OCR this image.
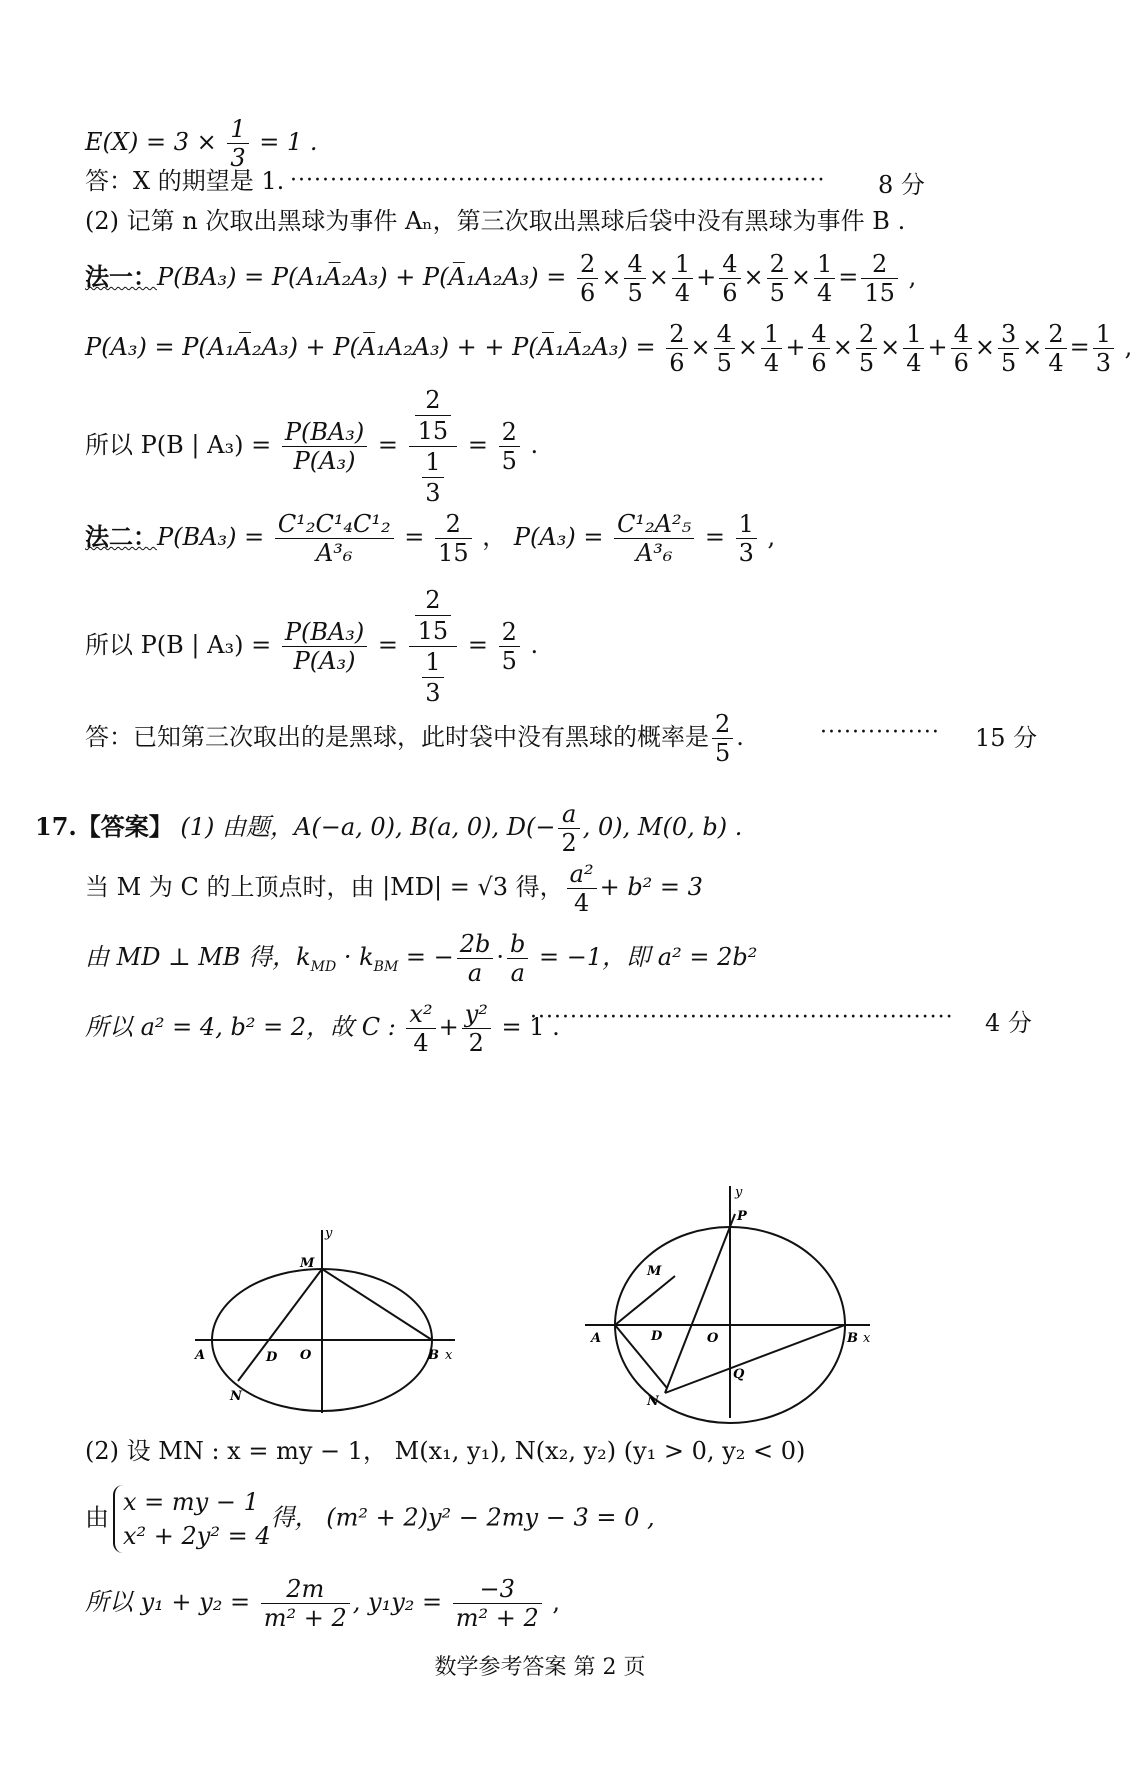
$E(X) = 3 \times \frac{1}{3} = 1$ .
答：X 的期望是 1. ···································································	8 分
(2) 记第 n 次取出黑球为事件 Aₙ，第三次取出黑球后袋中没有黑球为事件 B .
法一：P(BA₃) = P(A₁A̅₂A₃) + P(A̅₁A₂A₃) = $\frac{2}{6} \times \frac{4}{5} \times \frac{1}{4} + \frac{4}{6} \times \frac{2}{5} \times \frac{1}{4} = \frac{2}{15}$ ,
P(A₃) = P(A₁A̅₂A₃) + P(A̅₁A₂A₃) + + P(A̅₁A̅₂A₃) = $\frac{2}{6} \times \frac{4}{5} \times \frac{1}{4} + \frac{4}{6} \times \frac{2}{5} \times \frac{1}{4} + \frac{4}{6} \times \frac{3}{5} \times \frac{2}{4} = \frac{1}{3}$ ,
所以 P(B | $A_3) = \frac{\text{P(BA₃)}}{\text{P(A₃)}} = \frac{\frac{2}{15}}{\frac{1}{3}} = \frac{2}{5}$ .
法二：$P(BA_3) = \frac{\text{C¹₂C¹₄C¹₂}}{\text{A³₆}} = \frac{2}{15}$ ， $P(A_3) = \frac{\text{C¹₂A²₅}}{\text{A³₆}} = \frac{1}{3}$ ,
所以 P(B | $A_3) = \frac{\text{P(BA₃)}}{\text{P(A₃)}} = \frac{\frac{2}{15}}{\frac{1}{3}} = \frac{2}{5}$ .
答：已知第三次取出的是黑球，此时袋中没有黑球的概率是 $\frac{2}{5}$ .	···············	15 分
17.【答案】 (1) 由题，A(−a, 0), B(a, 0), $D(- \frac{a}{2}$ , 0), M(0, b) .
当 M 为 C 的上顶点时，由 |MD| = √3 得， $\frac{\text{a²}}{4} + b^2 = 3$
由 MD ⊥ MB 得，$k_{MD} \cdot k_{BM}$ = − $\frac{2b}{a} \cdot \frac{b}{a} = -1$，即 a² = 2b²
所以 a² = 4, b² = 2，故 C : $\frac{\text{x²}}{4} + \frac{\text{y²}}{2} = 1$ .
·····················································	4 分
A	D O	B x
M
y
N
A	D	O	B x
M
y
P
Q
N
(2) 设 MN : x = my − 1， M(x₁, y₁), N(x₂, y₂) (y₁ > 0, y₂ < 0)
由
x = my − 1
x² + 2y² = 4
得， (m² + 2)y² − 2my − 3 = 0 ,
所以 $y_1 + y_2 = \frac{2m}{\text{m² + 2}}$ , $y_1y_2 = \frac{-3}{\text{m² + 2}}$ ,
数学参考答案 第 2 页
